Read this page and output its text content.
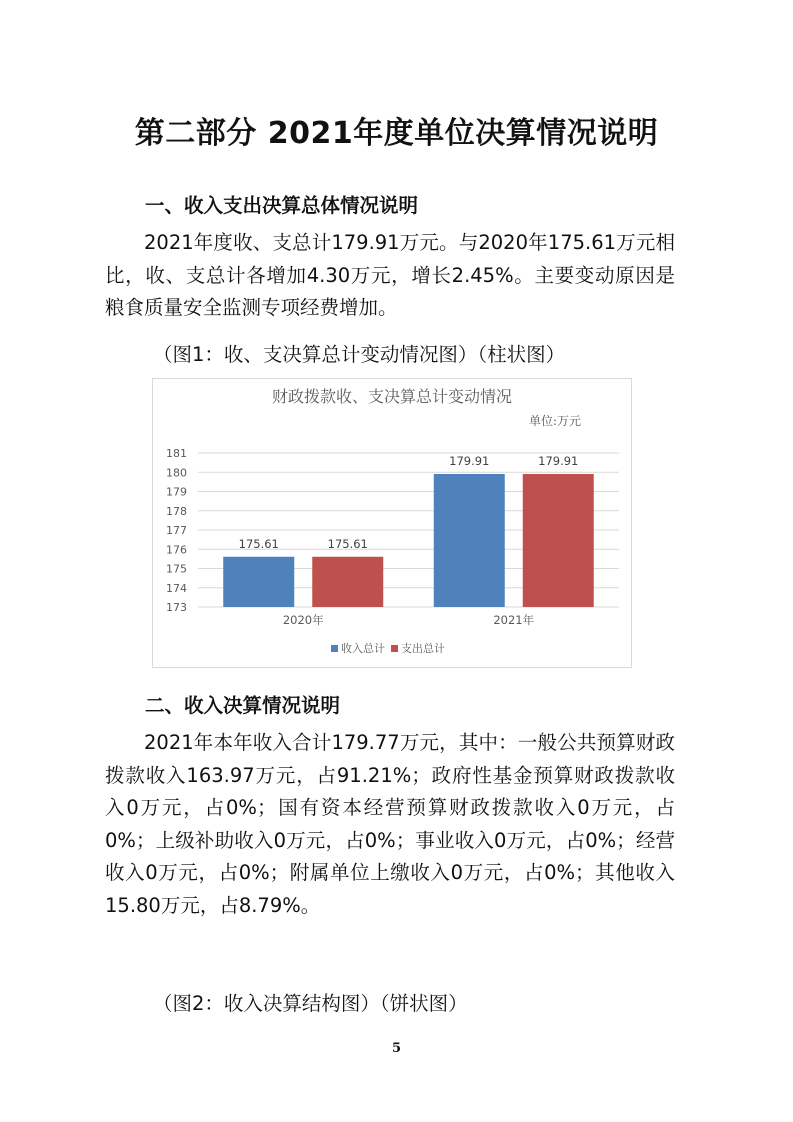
第二部分 2021年度单位决算情况说明
一、收入支出决算总体情况说明
2021年度收、支总计179.91万元。与2020年175.61万元相比，收、支总计各增加4.30万元，增长2.45%。主要变动原因是粮食质量安全监测专项经费增加。
（图1：收、支决算总计变动情况图）（柱状图）
财政拨款收、支决算总计变动情况
单位:万元
173
174
175
176
177
178
179
180
181
175.61	175.61
2020年
179.91	179.91
2021年
收入总计 支出总计
二、收入决算情况说明
2021年本年收入合计179.77万元，其中：一般公共预算财政拨款收入163.97万元，占91.21%；政府性基金预算财政拨款收入0万元，占0%；国有资本经营预算财政拨款收入0万元，占0%；上级补助收入0万元，占0%；事业收入0万元，占0%；经营收入0万元，占0%；附属单位上缴收入0万元，占0%；其他收入15.80万元，占8.79%。
（图2：收入决算结构图）（饼状图）
5
